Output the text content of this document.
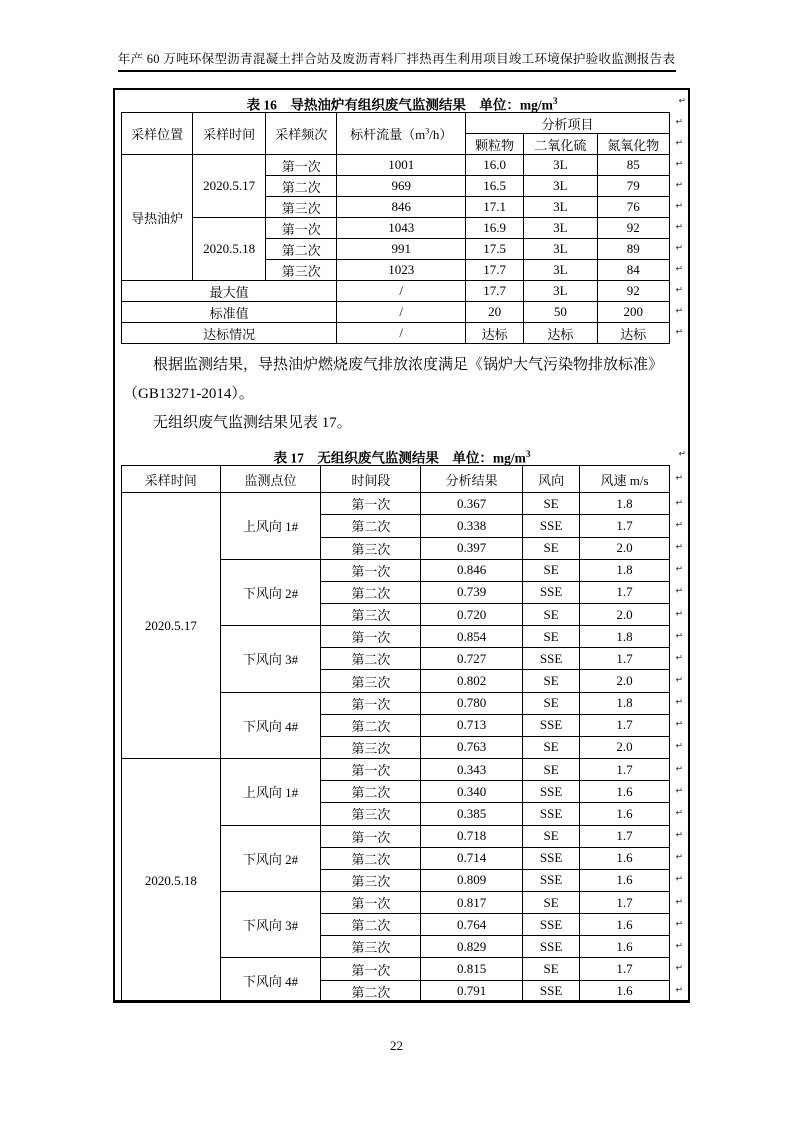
年产 60 万吨环保型沥青混凝土拌合站及废沥青料厂拌热再生利用项目竣工环境保护验收监测报告表
表 16　导热油炉有组织废气监测结果　单位：$mg/m^3$	↵
采样位置	采样时间	采样频次	标杆流量$(m^3/h)$	分析项目 ↵		

				颗粒物	二氧化硫	氮氧化物 ↵

导热油炉	2020.5.17	第一次	1001	16.0	3L	85 ↵

		第二次	969	16.5	3L	79 ↵

		第三次	846	17.1	3L	76 ↵

	2020.5.18	第一次	1043	16.9	3L	92 ↵

		第二次	991	17.5	3L	89 ↵

		第三次	1023	17.7	3L	84 ↵

最大值			/	17.7	3L	92 ↵

标准值			/	20	50	200 ↵

达标情况			/	达标	达标	达标 ↵
根据监测结果，导热油炉燃烧废气排放浓度满足《锅炉大气污染物排放标准》
（GB13271-2014）。
无组织废气监测结果见表 17。
表 17　无组织废气监测结果　单位：$mg/m^3$	↵
采样时间	监测点位	时间段	分析结果	风向	风速 m/s ↵

2020.5.17	上风向 1#	第一次	0.367	SE	1.8 ↵

		第二次	0.338	SSE	1.7 ↵

		第三次	0.397	SE	2.0 ↵

	下风向 2#	第一次	0.846	SE	1.8 ↵

		第二次	0.739	SSE	1.7 ↵

		第三次	0.720	SE	2.0 ↵

	下风向 3#	第一次	0.854	SE	1.8 ↵

		第二次	0.727	SSE	1.7 ↵

		第三次	0.802	SE	2.0 ↵

	下风向 4#	第一次	0.780	SE	1.8 ↵

		第二次	0.713	SSE	1.7 ↵

		第三次	0.763	SE	2.0 ↵

2020.5.18	上风向 1#	第一次	0.343	SE	1.7 ↵

		第二次	0.340	SSE	1.6 ↵

		第三次	0.385	SSE	1.6 ↵

	下风向 2#	第一次	0.718	SE	1.7 ↵

		第二次	0.714	SSE	1.6 ↵

		第三次	0.809	SSE	1.6 ↵

	下风向 3#	第一次	0.817	SE	1.7 ↵

		第二次	0.764	SSE	1.6 ↵

		第三次	0.829	SSE	1.6 ↵

	下风向 4#	第一次	0.815	SE	1.7 ↵

		第二次	0.791	SSE	1.6 ↵
22
